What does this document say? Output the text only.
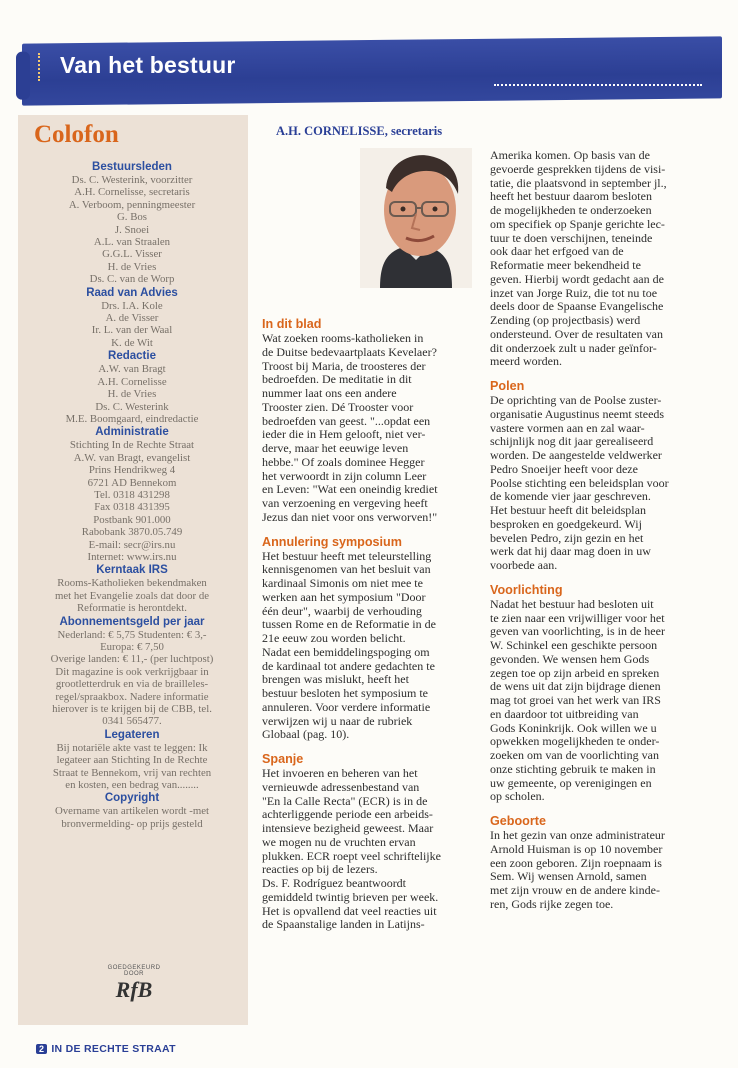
Van het bestuur
Colofon
Bestuursleden
Ds. C. Westerink, voorzitter
A.H. Cornelisse, secretaris
A. Verboom, penningmeester
G. Bos
J. Snoei
A.L. van Straalen
G.G.L. Visser
H. de Vries
Ds. C. van de Worp
Raad van Advies
Drs. I.A. Kole
A. de Visser
Ir. L. van der Waal
K. de Wit
Redactie
A.W. van Bragt
A.H. Cornelisse
H. de Vries
Ds. C. Westerink
M.E. Boomgaard, eindredactie
Administratie
Stichting In de Rechte Straat
A.W. van Bragt, evangelist
Prins Hendrikweg 4
6721 AD Bennekom
Tel. 0318 431298
Fax 0318 431395
Postbank 901.000
Rabobank 3870.05.749
E-mail: secr@irs.nu
Internet: www.irs.nu
Kerntaak IRS
Rooms-Katholieken bekendmaken
met het Evangelie zoals dat door de
Reformatie is herontdekt.
Abonnementsgeld per jaar
Nederland: € 5,75 Studenten: € 3,-
Europa: € 7,50
Overige landen: € 11,- (per luchtpost)
Dit magazine is ook verkrijgbaar in
grootletterdruk en via de brailleles-
regel/spraakbox. Nadere informatie
hierover is te krijgen bij de CBB, tel.
0341 565477.
Legateren
Bij notariële akte vast te leggen: Ik
legateer aan Stichting In de Rechte
Straat te Bennekom, vrij van rechten
en kosten, een bedrag van........
Copyright
Overname van artikelen wordt -met
bronvermelding- op prijs gesteld
GOEDGEKEURD DOOR
RfB
A.H. CORNELISSE, secretaris
In dit blad
Wat zoeken rooms-katholieken in
de Duitse bedevaartplaats Kevelaer?
Troost bij Maria, de troosteres der
bedroefden. De meditatie in dit
nummer laat ons een andere
Trooster zien. Dé Trooster voor
bedroefden van geest. "...opdat een
ieder die in Hem gelooft, niet ver-
derve, maar het eeuwige leven
hebbe." Of zoals dominee Hegger
het verwoordt in zijn column Leer
en Leven: "Wat een oneindig krediet
van verzoening en vergeving heeft
Jezus dan niet voor ons verworven!"
Annulering symposium
Het bestuur heeft met teleurstelling
kennisgenomen van het besluit van
kardinaal Simonis om niet mee te
werken aan het symposium "Door
één deur", waarbij de verhouding
tussen Rome en de Reformatie in de
21e eeuw zou worden belicht.
Nadat een bemiddelingspoging om
de kardinaal tot andere gedachten te
brengen was mislukt, heeft het
bestuur besloten het symposium te
annuleren. Voor verdere informatie
verwijzen wij u naar de rubriek
Globaal (pag. 10).
Spanje
Het invoeren en beheren van het
vernieuwde adressenbestand van
"En la Calle Recta" (ECR) is in de
achterliggende periode een arbeids-
intensieve bezigheid geweest. Maar
we mogen nu de vruchten ervan
plukken. ECR roept veel schriftelijke
reacties op bij de lezers.
Ds. F. Rodríguez beantwoordt
gemiddeld twintig brieven per week.
Het is opvallend dat veel reacties uit
de Spaanstalige landen in Latijns-
Amerika komen. Op basis van de
gevoerde gesprekken tijdens de visi-
tatie, die plaatsvond in september jl.,
heeft het bestuur daarom besloten
de mogelijkheden te onderzoeken
om specifiek op Spanje gerichte lec-
tuur te doen verschijnen, teneinde
ook daar het erfgoed van de
Reformatie meer bekendheid te
geven. Hierbij wordt gedacht aan de
inzet van Jorge Ruiz, die tot nu toe
deels door de Spaanse Evangelische
Zending (op projectbasis) werd
ondersteund. Over de resultaten van
dit onderzoek zult u nader geïnfor-
meerd worden.
Polen
De oprichting van de Poolse zuster-
organisatie Augustinus neemt steeds
vastere vormen aan en zal waar-
schijnlijk nog dit jaar gerealiseerd
worden. De aangestelde veldwerker
Pedro Snoeijer heeft voor deze
Poolse stichting een beleidsplan voor
de komende vier jaar geschreven.
Het bestuur heeft dit beleidsplan
besproken en goedgekeurd. Wij
bevelen Pedro, zijn gezin en het
werk dat hij daar mag doen in uw
voorbede aan.
Voorlichting
Nadat het bestuur had besloten uit
te zien naar een vrijwilliger voor het
geven van voorlichting, is in de heer
W. Schinkel een geschikte persoon
gevonden. We wensen hem Gods
zegen toe op zijn arbeid en spreken
de wens uit dat zijn bijdrage dienen
mag tot groei van het werk van IRS
en daardoor tot uitbreiding van
Gods Koninkrijk. Ook willen we u
opwekken mogelijkheden te onder-
zoeken om van de voorlichting van
onze stichting gebruik te maken in
uw gemeente, op verenigingen en
op scholen.
Geboorte
In het gezin van onze administrateur
Arnold Huisman is op 10 november
een zoon geboren. Zijn roepnaam is
Sem. Wij wensen Arnold, samen
met zijn vrouw en de andere kinde-
ren, Gods rijke zegen toe.
2 IN DE RECHTE STRAAT
